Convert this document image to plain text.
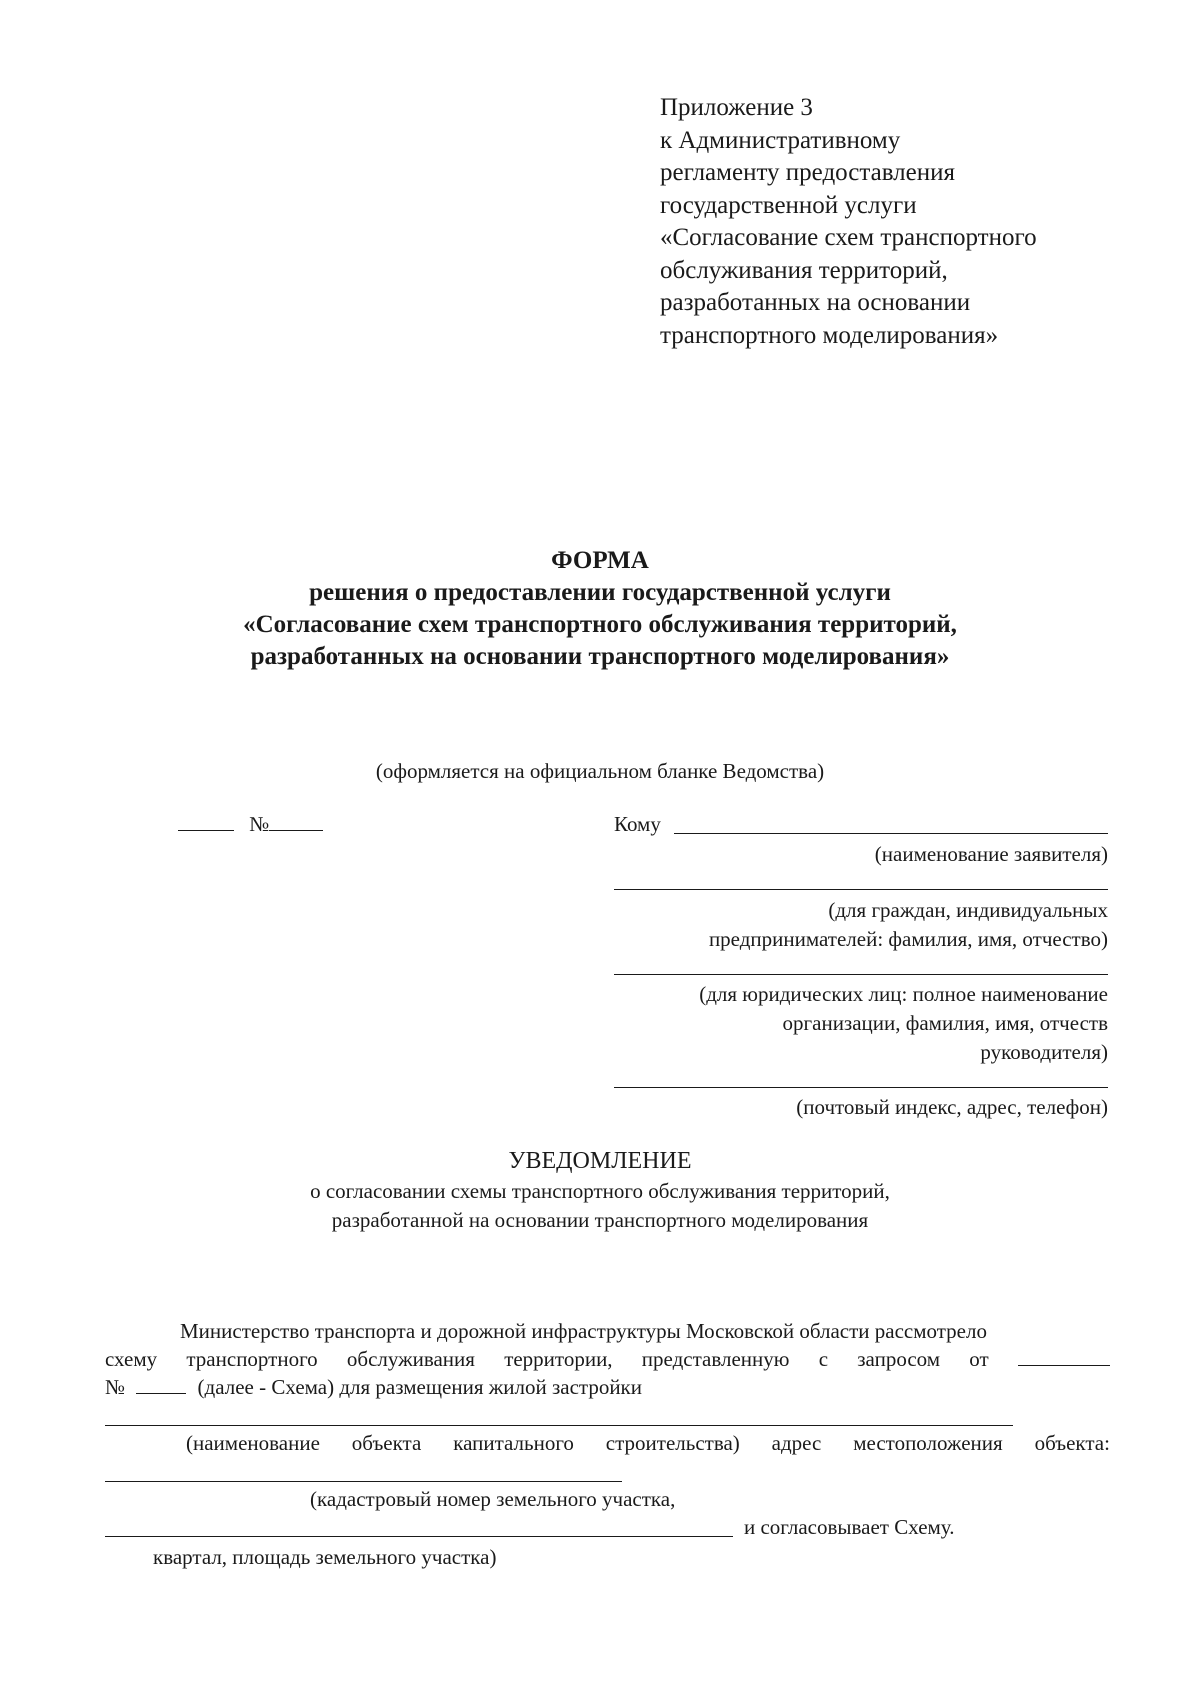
Приложение 3
к Административному
регламенту предоставления
государственной услуги
«Согласование схем транспортного
обслуживания территорий,
разработанных на основании
транспортного моделирования»
ФОРМА
решения о предоставлении государственной услуги
«Согласование схем транспортного обслуживания территорий,
разработанных на основании транспортного моделирования»
(оформляется на официальном бланке Ведомства)
№	Кому
(наименование заявителя)
(для граждан, индивидуальных
предпринимателей: фамилия, имя, отчество)
(для юридических лиц: полное наименование
организации, фамилия, имя, отчеств
руководителя)
(почтовый индекс, адрес, телефон)
УВЕДОМЛЕНИЕ
о согласовании схемы транспортного обслуживания территорий,
разработанной на основании транспортного моделирования
Министерство транспорта и дорожной инфраструктуры Московской области рассмотрело
схему транспортного обслуживания территории, представленную с запросом от
№	(далее - Схема) для размещения жилой застройки
(наименование объекта капитального строительства) адрес местоположения объекта:
(кадастровый номер земельного участка,
и согласовывает Схему.
квартал, площадь земельного участка)
